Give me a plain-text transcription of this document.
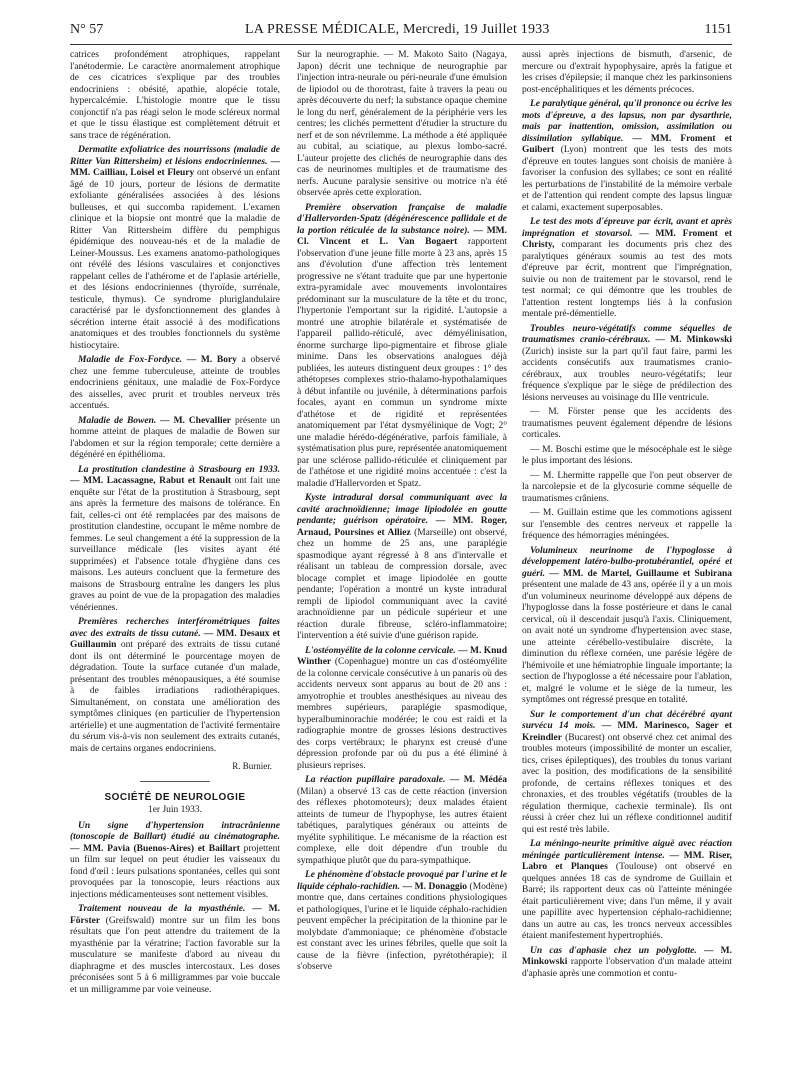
N° 57	LA PRESSE MÉDICALE, Mercredi, 19 Juillet 1933	1151

catrices profondément atrophiques, rappelant l'anétodermie. Le caractère anormalement atrophique de ces cicatrices s'explique par des troubles endocriniens : obésité, apathie, alopécie totale, hypercalcémie. L'histologie montre que le tissu conjonctif n'a pas réagi selon le mode scléreux normal et que le tissu élastique est complètement détruit et sans trace de régénération.

Dermatite exfoliatrice des nourrissons (maladie de Ritter Van Rittersheim) et lésions endocriniennes. — MM. Cailliau, Loisel et Fleury ont observé un enfant âgé de 10 jours, porteur de lésions de dermatite exfoliante généralisées associées à des lésions bulleuses, et qui succomba rapidement. L'examen clinique et la biopsie ont montré que la maladie de Ritter Van Rittersheim diffère du pemphigus épidémique des nouveau-nés et de la maladie de Leiner-Moussus. Les examens anatomo-pathologiques ont révélé des lésions vasculaires et conjonctives rappelant celles de l'athérome et de l'aplasie artérielle, et des lésions endocriniennes (thyroïde, surrénale, testicule, thymus). Ce syndrome pluriglandulaire caractérisé par le dysfonctionnement des glandes à sécrétion interne était associé à des modifications anatomiques et des troubles fonctionnels du système histiocytaire.

Maladie de Fox-Fordyce. — M. Bory a observé chez une femme tuberculeuse, atteinte de troubles endocriniens génitaux, une maladie de Fox-Fordyce des aisselles, avec prurit et troubles nerveux très accentués.

Maladie de Bowen. — M. Chevallier présente un homme atteint de plaques de maladie de Bowen sur l'abdomen et sur la région temporale; cette dernière a dégénéré en épithélioma.

La prostitution clandestine à Strasbourg en 1933. — MM. Lacassagne, Rabut et Renault ont fait une enquête sur l'état de la prostitution à Strasbourg, sept ans après la fermeture des maisons de tolérance. En fait, celles-ci ont été remplacées par des maisons de prostitution clandestine, occupant le même nombre de femmes. Le seul changement a été la suppression de la surveillance médicale (les visites ayant été supprimées) et l'absence totale d'hygiène dans ces maisons. Les auteurs concluent que la fermeture des maisons de Strasbourg entraîne les dangers les plus graves au point de vue de la propagation des maladies vénériennes.

Premières recherches interférométriques faites avec des extraits de tissu cutané. — MM. Desaux et Guillaumin ont préparé des extraits de tissu cutané dont ils ont déterminé le pourcentage moyen de dégradation. Toute la surface cutanée d'un malade, présentant des troubles ménopausiques, a été soumise à de faibles irradiations radiothérapiques. Simultanément, on constata une amélioration des symptômes cliniques (en particulier de l'hypertension artérielle) et une augmentation de l'activité fermentaire du sérum vis-à-vis non seulement des extraits cutanés, mais de certains organes endocriniens.

R. Burnier.

SOCIÉTÉ DE NEUROLOGIE
1er Juin 1933.

Un signe d'hypertension intracrânienne (tonoscopie de Baillart) étudié au cinématographe. — MM. Pavia (Buenos-Aires) et Baillart projettent un film sur lequel on peut étudier les vaisseaux du fond d'œil : leurs pulsations spontanées, celles qui sont provoquées par la tonoscopie, leurs réactions aux injections médicamenteuses sont nettement visibles.

Traitement nouveau de la myasthénie. — M. Förster (Greifswald) montre sur un film les bons résultats que l'on peut attendre du traitement de la myasthénie par la vératrine; l'action favorable sur la musculature se manifeste d'abord au niveau du diaphragme et des muscles intercostaux. Les doses préconisées sont 5 à 6 milligrammes par voie buccale et un milligramme par voie veineuse.

Sur la neurographie. — M. Makoto Saito (Nagaya, Japon) décrit une technique de neurographie par l'injection intra-neurale ou péri-neurale d'une émulsion de lipiodol ou de thorotrast, faite à travers la peau ou après découverte du nerf; la substance opaque chemine le long du nerf, généralement de la périphérie vers les centres; les clichés permettent d'étudier la structure du nerf et de son névrilemme. La méthode a été appliquée au cubital, au sciatique, au plexus lombo-sacré. L'auteur projette des clichés de neurographie dans des cas de neurinomes multiples et de traumatisme des nerfs. Aucune paralysie sensitive ou motrice n'a été observée après cette exploration.

Première observation française de maladie d'Hallervorden-Spatz (dégénérescence pallidale et de la portion réticulée de la substance noire). — MM. Cl. Vincent et L. Van Bogaert rapportent l'observation d'une jeune fille morte à 23 ans, après 15 ans d'évolution d'une affection très lentement progressive ne s'étant traduite que par une hypertonie extra-pyramidale avec mouvements involontaires prédominant sur la musculature de la tête et du tronc, l'hypertonie l'emportant sur la rigidité. L'autopsie a montré une atrophie bilatérale et systématisée de l'appareil pallido-réticulé, avec démyélinisation, énorme surcharge lipo-pigmentaire et fibrose gliale minime. Dans les observations analogues déjà publiées, les auteurs distinguent deux groupes : 1° des athétoprses complexes strio-thalamo-hypothalamiques à début infantile ou juvénile, à déterminations parfois focales, ayant en commun un syndrome mixte d'athétose et de rigidité et représentées anatomiquement par l'état dysmyélinique de Vogt; 2° une maladie hérédo-dégénérative, parfois familiale, à systématisation plus pure, représentée anatomiquement par une sclérose pallido-réticulée et cliniquement par de l'athétose et une rigidité moins accentuée : c'est la maladie d'Hallervorden et Spatz.

Kyste intradural dorsal communiquant avec la cavité arachnoïdienne; image lipiodolée en goutte pendante; guérison opératoire. — MM. Roger, Arnaud, Poursines et Alliez (Marseille) ont observé, chez un homme de 25 ans, une paraplégie spasmodique ayant régressé à 8 ans d'intervalle et réalisant un tableau de compression dorsale, avec blocage complet et image lipiodolée en goutte pendante; l'opération a montré un kyste intradural rempli de lipiodol communiquant avec la cavité arachnoïdienne par un pédicule supérieur et une réaction durale fibreuse, scléro-inflammatoire; l'intervention a été suivie d'une guérison rapide.

L'ostéomyélite de la colonne cervicale. — M. Knud Winther (Copenhague) montre un cas d'ostéomyélite de la colonne cervicale consécutive à un panaris où des accidents nerveux sont apparus au bout de 20 ans : amyotrophie et troubles anesthésiques au niveau des membres supérieurs, paraplégie spasmodique, hyperalbuminorachie modérée; le cou est raidi et la radiographie montre de grosses lésions destructives des corps vertébraux; le pharynx est creusé d'une dépression profonde par où du pus a été éliminé à plusieurs reprises.

La réaction pupillaire paradoxale. — M. Médéa (Milan) a observé 13 cas de cette réaction (inversion des réflexes photomoteurs); deux malades étaient atteints de tumeur de l'hypophyse, les autres étaient tabétiques, paralytiques généraux ou atteints de myélite syphilitique. Le mécanisme de la réaction est complexe, elle doit dépendre d'un trouble du sympathique plutôt que du para-sympathique.

Le phénomène d'obstacle provoqué par l'urine et le liquide céphalo-rachidien. — M. Donaggio (Modène) montre que, dans certaines conditions physiologiques et pathologiques, l'urine et le liquide céphalo-rachidien peuvent empêcher la précipitation de la thionine par le molybdate d'ammoniaque; ce phénomène d'obstacle est constant avec les urines fébriles, quelle que soit la cause de la fièvre (infection, pyrétothérapie); il s'observe

aussi après injections de bismuth, d'arsenic, de mercure ou d'extrait hypophysaire, après la fatigue et les crises d'épilepsie; il manque chez les parkinsoniens post-encéphalitiques et les déments précoces.

Le paralytique général, qu'il prononce ou écrive les mots d'épreuve, a des lapsus, non par dysarthrie, mais par inattention, omission, assimilation ou dissimilation syllabique. — MM. Froment et Guibert (Lyon) montrent que les tests des mots d'épreuve en toutes langues sont choisis de manière à favoriser la confusion des syllabes; ce sont en réalité les perturbations de l'instabilité de la mémoire verbale et de l'attention qui rendent compte des lapsus linguæ et calami, exactement superposables.

Le test des mots d'épreuve par écrit, avant et après imprégnation et stovarsol. — MM. Froment et Christy, comparant les documents pris chez des paralytiques généraux soumis au test des mots d'épreuve par écrit, montrent que l'imprégnation, suivie ou non de traitement par le stovarsol, rend le test normal; ce qui démontre que les troubles de l'attention restent longtemps liés à la confusion mentale pré-démentielle.

Troubles neuro-végétatifs comme séquelles de traumatismes cranio-cérébraux. — M. Minkowski (Zurich) insiste sur la part qu'il faut faire, parmi les accidents consécutifs aux traumatismes cranio-cérébraux, aux troubles neuro-végétatifs; leur fréquence s'explique par le siège de prédilection des lésions nerveuses au voisinage du IIIe ventricule.

— M. Förster pense que les accidents des traumatismes peuvent également dépendre de lésions corticales.

— M. Boschi estime que le mésocéphale est le siège le plus important des lésions.

— M. Lhermitte rappelle que l'on peut observer de la narcolepsie et de la glycosurie comme séquelle de traumatismes crâniens.

— M. Guillain estime que les commotions agissent sur l'ensemble des centres nerveux et rappelle la fréquence des hémorragies méningées.

Volumineux neurinome de l'hypoglosse à développement latéro-bulbo-protubérantiel, opéré et guéri. — MM. de Martel, Guillaume et Subirana présentent une malade de 43 ans, opérée il y a un mois d'un volumineux neurinome développé aux dépens de l'hypoglosse dans la fosse postérieure et dans le canal cervical, où il descendait jusqu'à l'axis. Cliniquement, on avait noté un syndrome d'hypertension avec stase, une atteinte cérébello-vestibulaire discrète, la diminution du réflexe cornéen, une parésie légère de l'hémivoile et une hémiatrophie linguale importante; la section de l'hypoglosse a été nécessaire pour l'ablation, et, malgré le volume et le siège de la tumeur, les symptômes ont régressé presque en totalité.

Sur le comportement d'un chat décérébré ayant survécu 14 mois. — MM. Marinesco, Sager et Kreindler (Bucarest) ont observé chez cet animal des troubles moteurs (impossibilité de monter un escalier, tics, crises épileptiques), des troubles du tonus variant avec la position, des modifications de la sensibilité profonde, de certains réflexes toniques et des chronaxies, et des troubles végétatifs (troubles de la régulation thermique, cachexie terminale). Ils ont réussi à créer chez lui un réflexe conditionnel auditif qui est resté très labile.

La méningo-neurite primitive aiguë avec réaction méningée particulièrement intense. — MM. Riser, Labro et Planques (Toulouse) ont observé en quelques années 18 cas de syndrome de Guillain et Barré; ils rapportent deux cas où l'atteinte méningée était particulièrement vive; dans l'un même, il y avait une papillite avec hypertension céphalo-rachidienne; dans un autre au cas, les troncs nerveux accessibles étaient manifestement hypertrophiés.

Un cas d'aphasie chez un polyglotte. — M. Minkowski rapporte l'observation d'un malade atteint d'aphasie après une commotion et contu-
